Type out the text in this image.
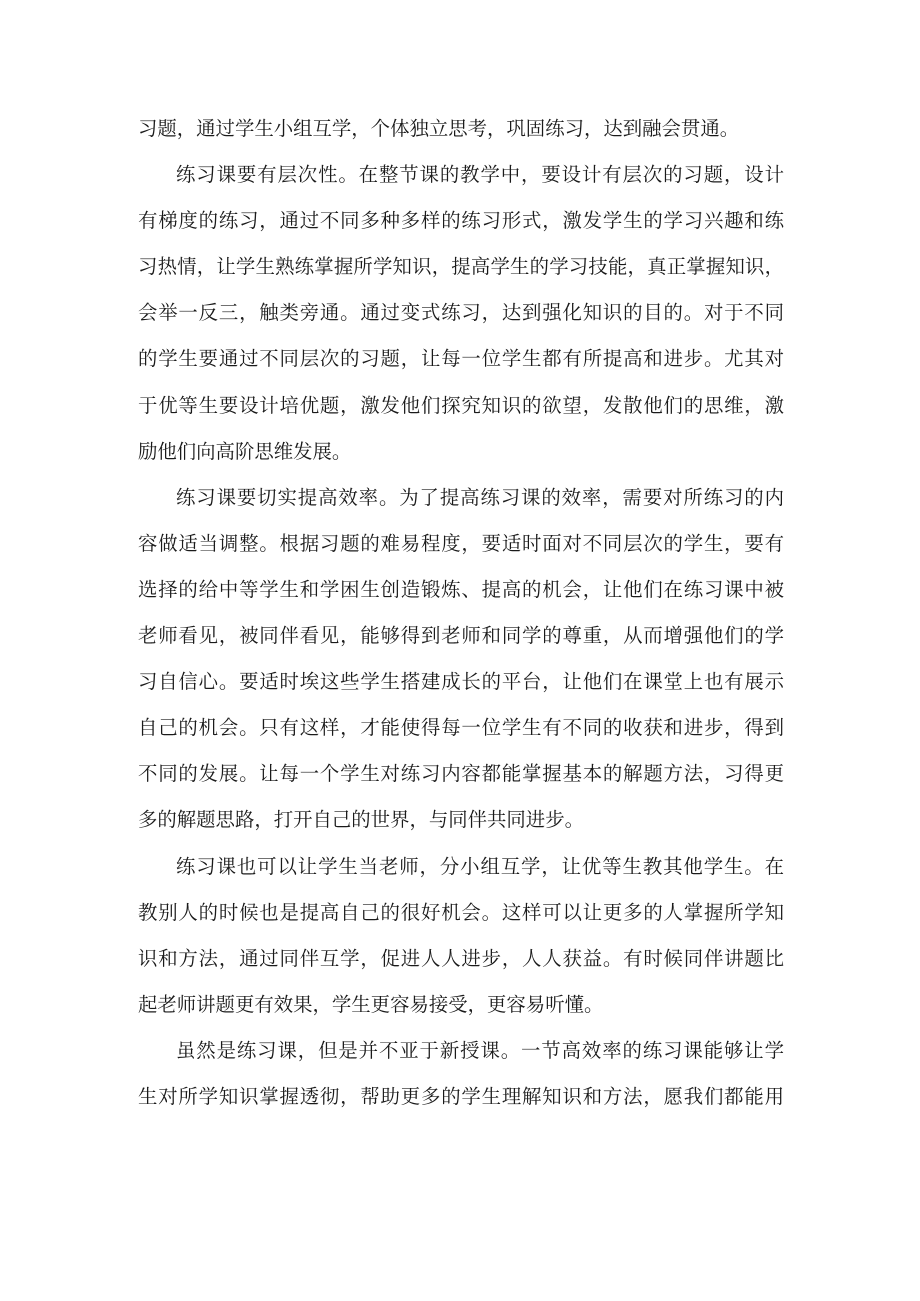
习题，通过学生小组互学，个体独立思考，巩固练习，达到融会贯通。
练习课要有层次性。在整节课的教学中，要设计有层次的习题，设计
有梯度的练习，通过不同多种多样的练习形式，激发学生的学习兴趣和练
习热情，让学生熟练掌握所学知识，提高学生的学习技能，真正掌握知识，
会举一反三，触类旁通。通过变式练习，达到强化知识的目的。对于不同
的学生要通过不同层次的习题，让每一位学生都有所提高和进步。尤其对
于优等生要设计培优题，激发他们探究知识的欲望，发散他们的思维，激
励他们向高阶思维发展。
练习课要切实提高效率。为了提高练习课的效率，需要对所练习的内
容做适当调整。根据习题的难易程度，要适时面对不同层次的学生，要有
选择的给中等学生和学困生创造锻炼、提高的机会，让他们在练习课中被
老师看见，被同伴看见，能够得到老师和同学的尊重，从而增强他们的学
习自信心。要适时埃这些学生搭建成长的平台，让他们在课堂上也有展示
自己的机会。只有这样，才能使得每一位学生有不同的收获和进步，得到
不同的发展。让每一个学生对练习内容都能掌握基本的解题方法，习得更
多的解题思路，打开自己的世界，与同伴共同进步。
练习课也可以让学生当老师，分小组互学，让优等生教其他学生。在
教别人的时候也是提高自己的很好机会。这样可以让更多的人掌握所学知
识和方法，通过同伴互学，促进人人进步，人人获益。有时候同伴讲题比
起老师讲题更有效果，学生更容易接受，更容易听懂。
虽然是练习课，但是并不亚于新授课。一节高效率的练习课能够让学
生对所学知识掌握透彻，帮助更多的学生理解知识和方法，愿我们都能用
